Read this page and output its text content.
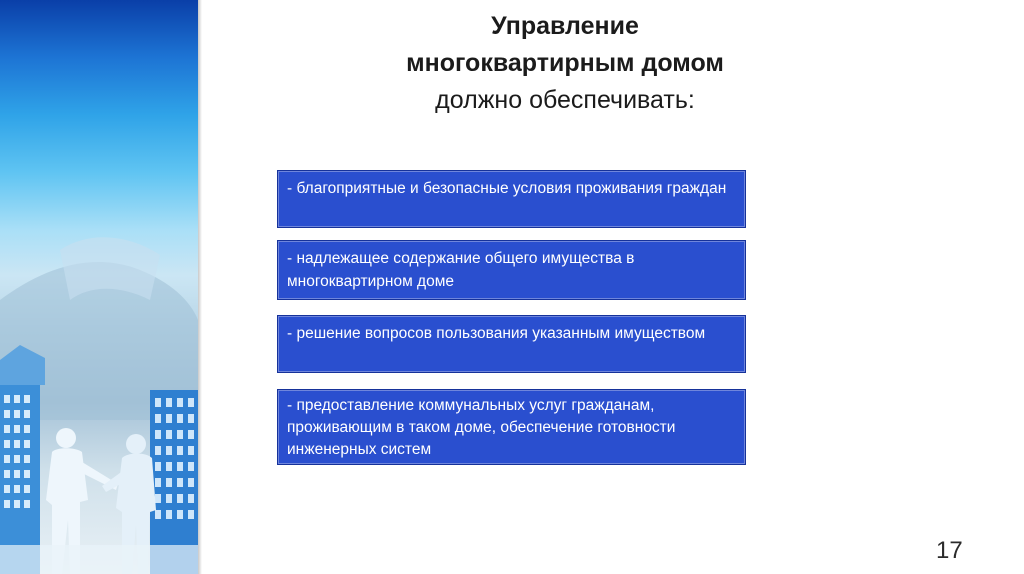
Управление
многоквартирным домом
должно обеспечивать:
- благоприятные и безопасные условия проживания граждан
- надлежащее содержание общего имущества в многоквартирном доме
- решение вопросов пользования указанным имуществом
- предоставление коммунальных услуг гражданам, проживающим в таком доме, обеспечение готовности инженерных систем
17
